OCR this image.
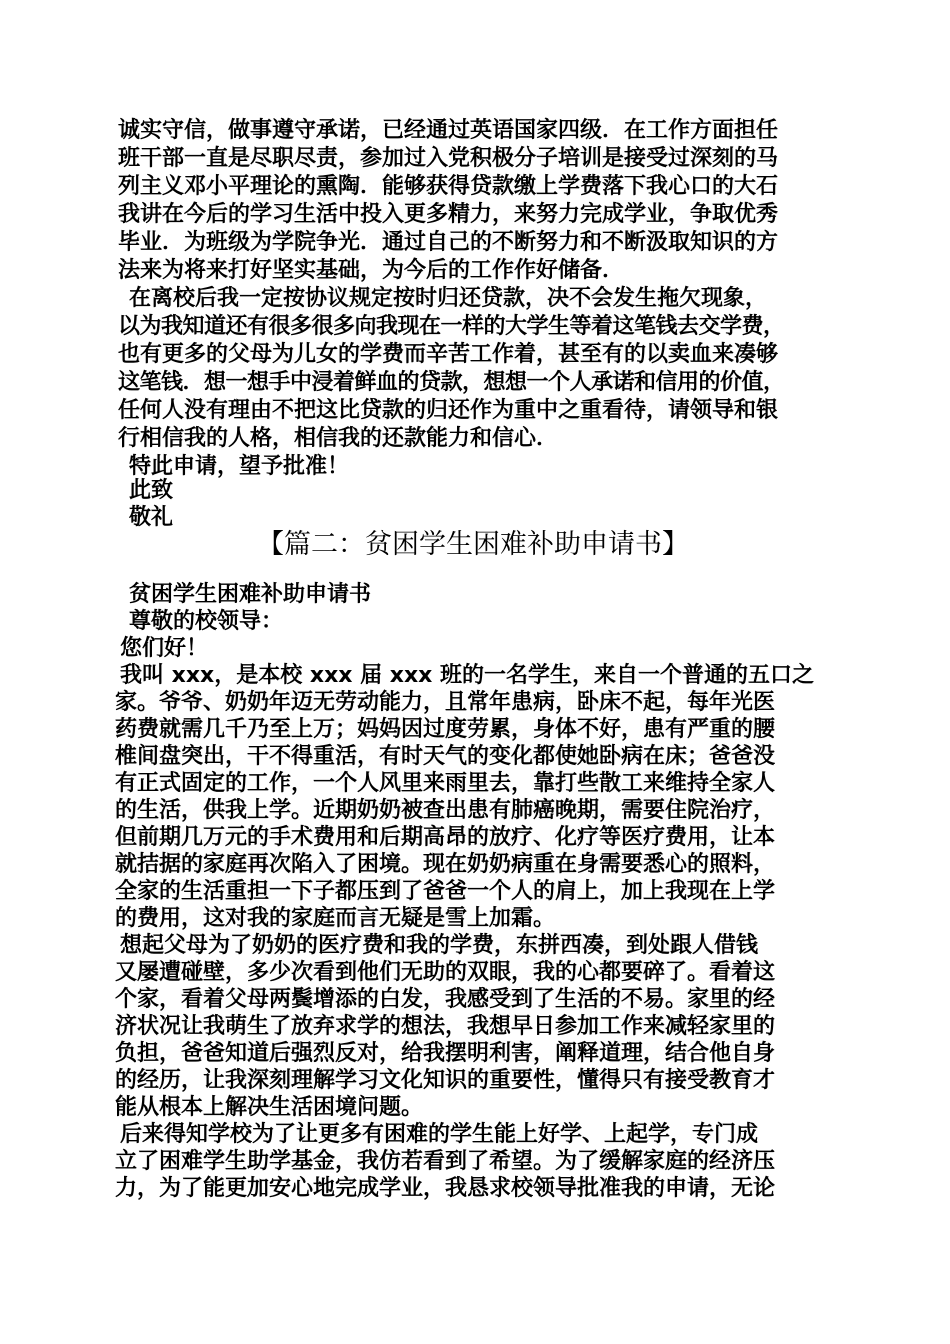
诚实守信，做事遵守承诺，已经通过英语国家四级．在工作方面担任
班干部一直是尽职尽责，参加过入党积极分子培训是接受过深刻的马
列主义邓小平理论的熏陶．能够获得贷款缴上学费落下我心口的大石
我讲在今后的学习生活中投入更多精力，来努力完成学业，争取优秀
毕业．为班级为学院争光．通过自己的不断努力和不断汲取知识的方
法来为将来打好坚实基础，为今后的工作作好储备．
在离校后我一定按协议规定按时归还贷款，决不会发生拖欠现象，
以为我知道还有很多很多向我现在一样的大学生等着这笔钱去交学费，
也有更多的父母为儿女的学费而辛苦工作着，甚至有的以卖血来凑够
这笔钱．想一想手中浸着鲜血的贷款，想想一个人承诺和信用的价值，
任何人没有理由不把这比贷款的归还作为重中之重看待，请领导和银
行相信我的人格，相信我的还款能力和信心．
特此申请，望予批准！
此致
敬礼
【篇二：贫困学生困难补助申请书】
贫困学生困难补助申请书
尊敬的校领导：
您们好！
我叫 xxx，是本校 xxx 届 xxx 班的一名学生，来自一个普通的五口之
家。爷爷、奶奶年迈无劳动能力，且常年患病，卧床不起，每年光医
药费就需几千乃至上万；妈妈因过度劳累，身体不好，患有严重的腰
椎间盘突出，干不得重活，有时天气的变化都使她卧病在床；爸爸没
有正式固定的工作，一个人风里来雨里去，靠打些散工来维持全家人
的生活，供我上学。近期奶奶被查出患有肺癌晚期，需要住院治疗，
但前期几万元的手术费用和后期高昂的放疗、化疗等医疗费用，让本
就拮据的家庭再次陷入了困境。现在奶奶病重在身需要悉心的照料，
全家的生活重担一下子都压到了爸爸一个人的肩上，加上我现在上学
的费用，这对我的家庭而言无疑是雪上加霜。
想起父母为了奶奶的医疗费和我的学费，东拼西凑，到处跟人借钱
又屡遭碰壁，多少次看到他们无助的双眼，我的心都要碎了。看着这
个家，看着父母两鬓增添的白发，我感受到了生活的不易。家里的经
济状况让我萌生了放弃求学的想法，我想早日参加工作来减轻家里的
负担，爸爸知道后强烈反对，给我摆明利害，阐释道理，结合他自身
的经历，让我深刻理解学习文化知识的重要性，懂得只有接受教育才
能从根本上解决生活困境问题。
后来得知学校为了让更多有困难的学生能上好学、上起学，专门成
立了困难学生助学基金，我仿若看到了希望。为了缓解家庭的经济压
力，为了能更加安心地完成学业，我恳求校领导批准我的申请，无论
